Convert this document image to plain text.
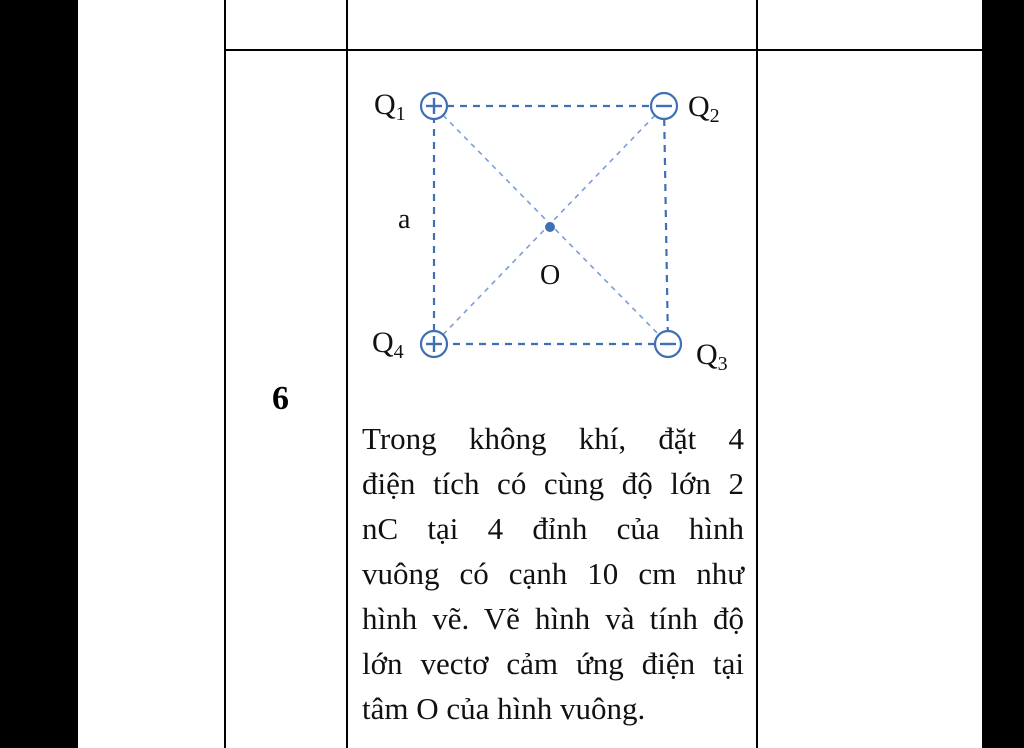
6
O
a
$Q_1$	$Q_2$
$Q_3$
$Q_4$
Trong không khí, đặt 4
điện tích có cùng độ lớn 2
nC tại 4 đỉnh của hình
vuông có cạnh 10 cm như
hình vẽ. Vẽ hình và tính độ
lớn vectơ cảm ứng điện tại
tâm O của hình vuông.
